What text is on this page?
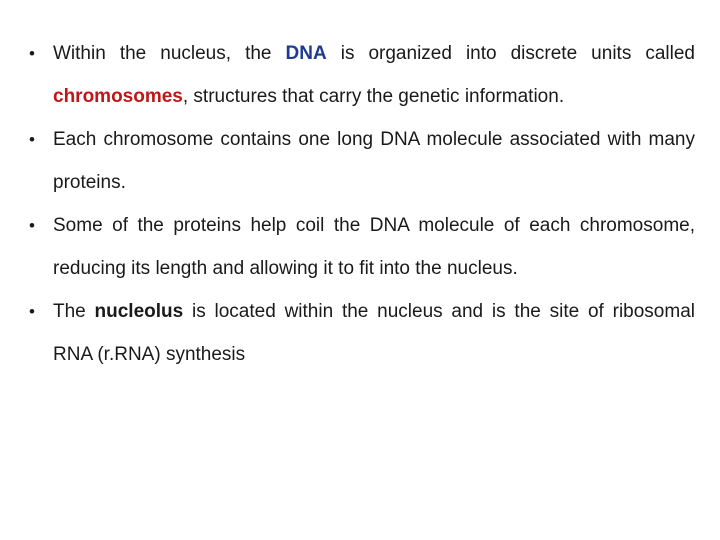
• Within the nucleus, the DNA is organized into discrete units called chromosomes, structures that carry the genetic information.
• Each chromosome contains one long DNA molecule associated with many proteins.
• Some of the proteins help coil the DNA molecule of each chromosome, reducing its length and allowing it to fit into the nucleus.
• The nucleolus is located within the nucleus and is the site of ribosomal RNA (r.RNA) synthesis
